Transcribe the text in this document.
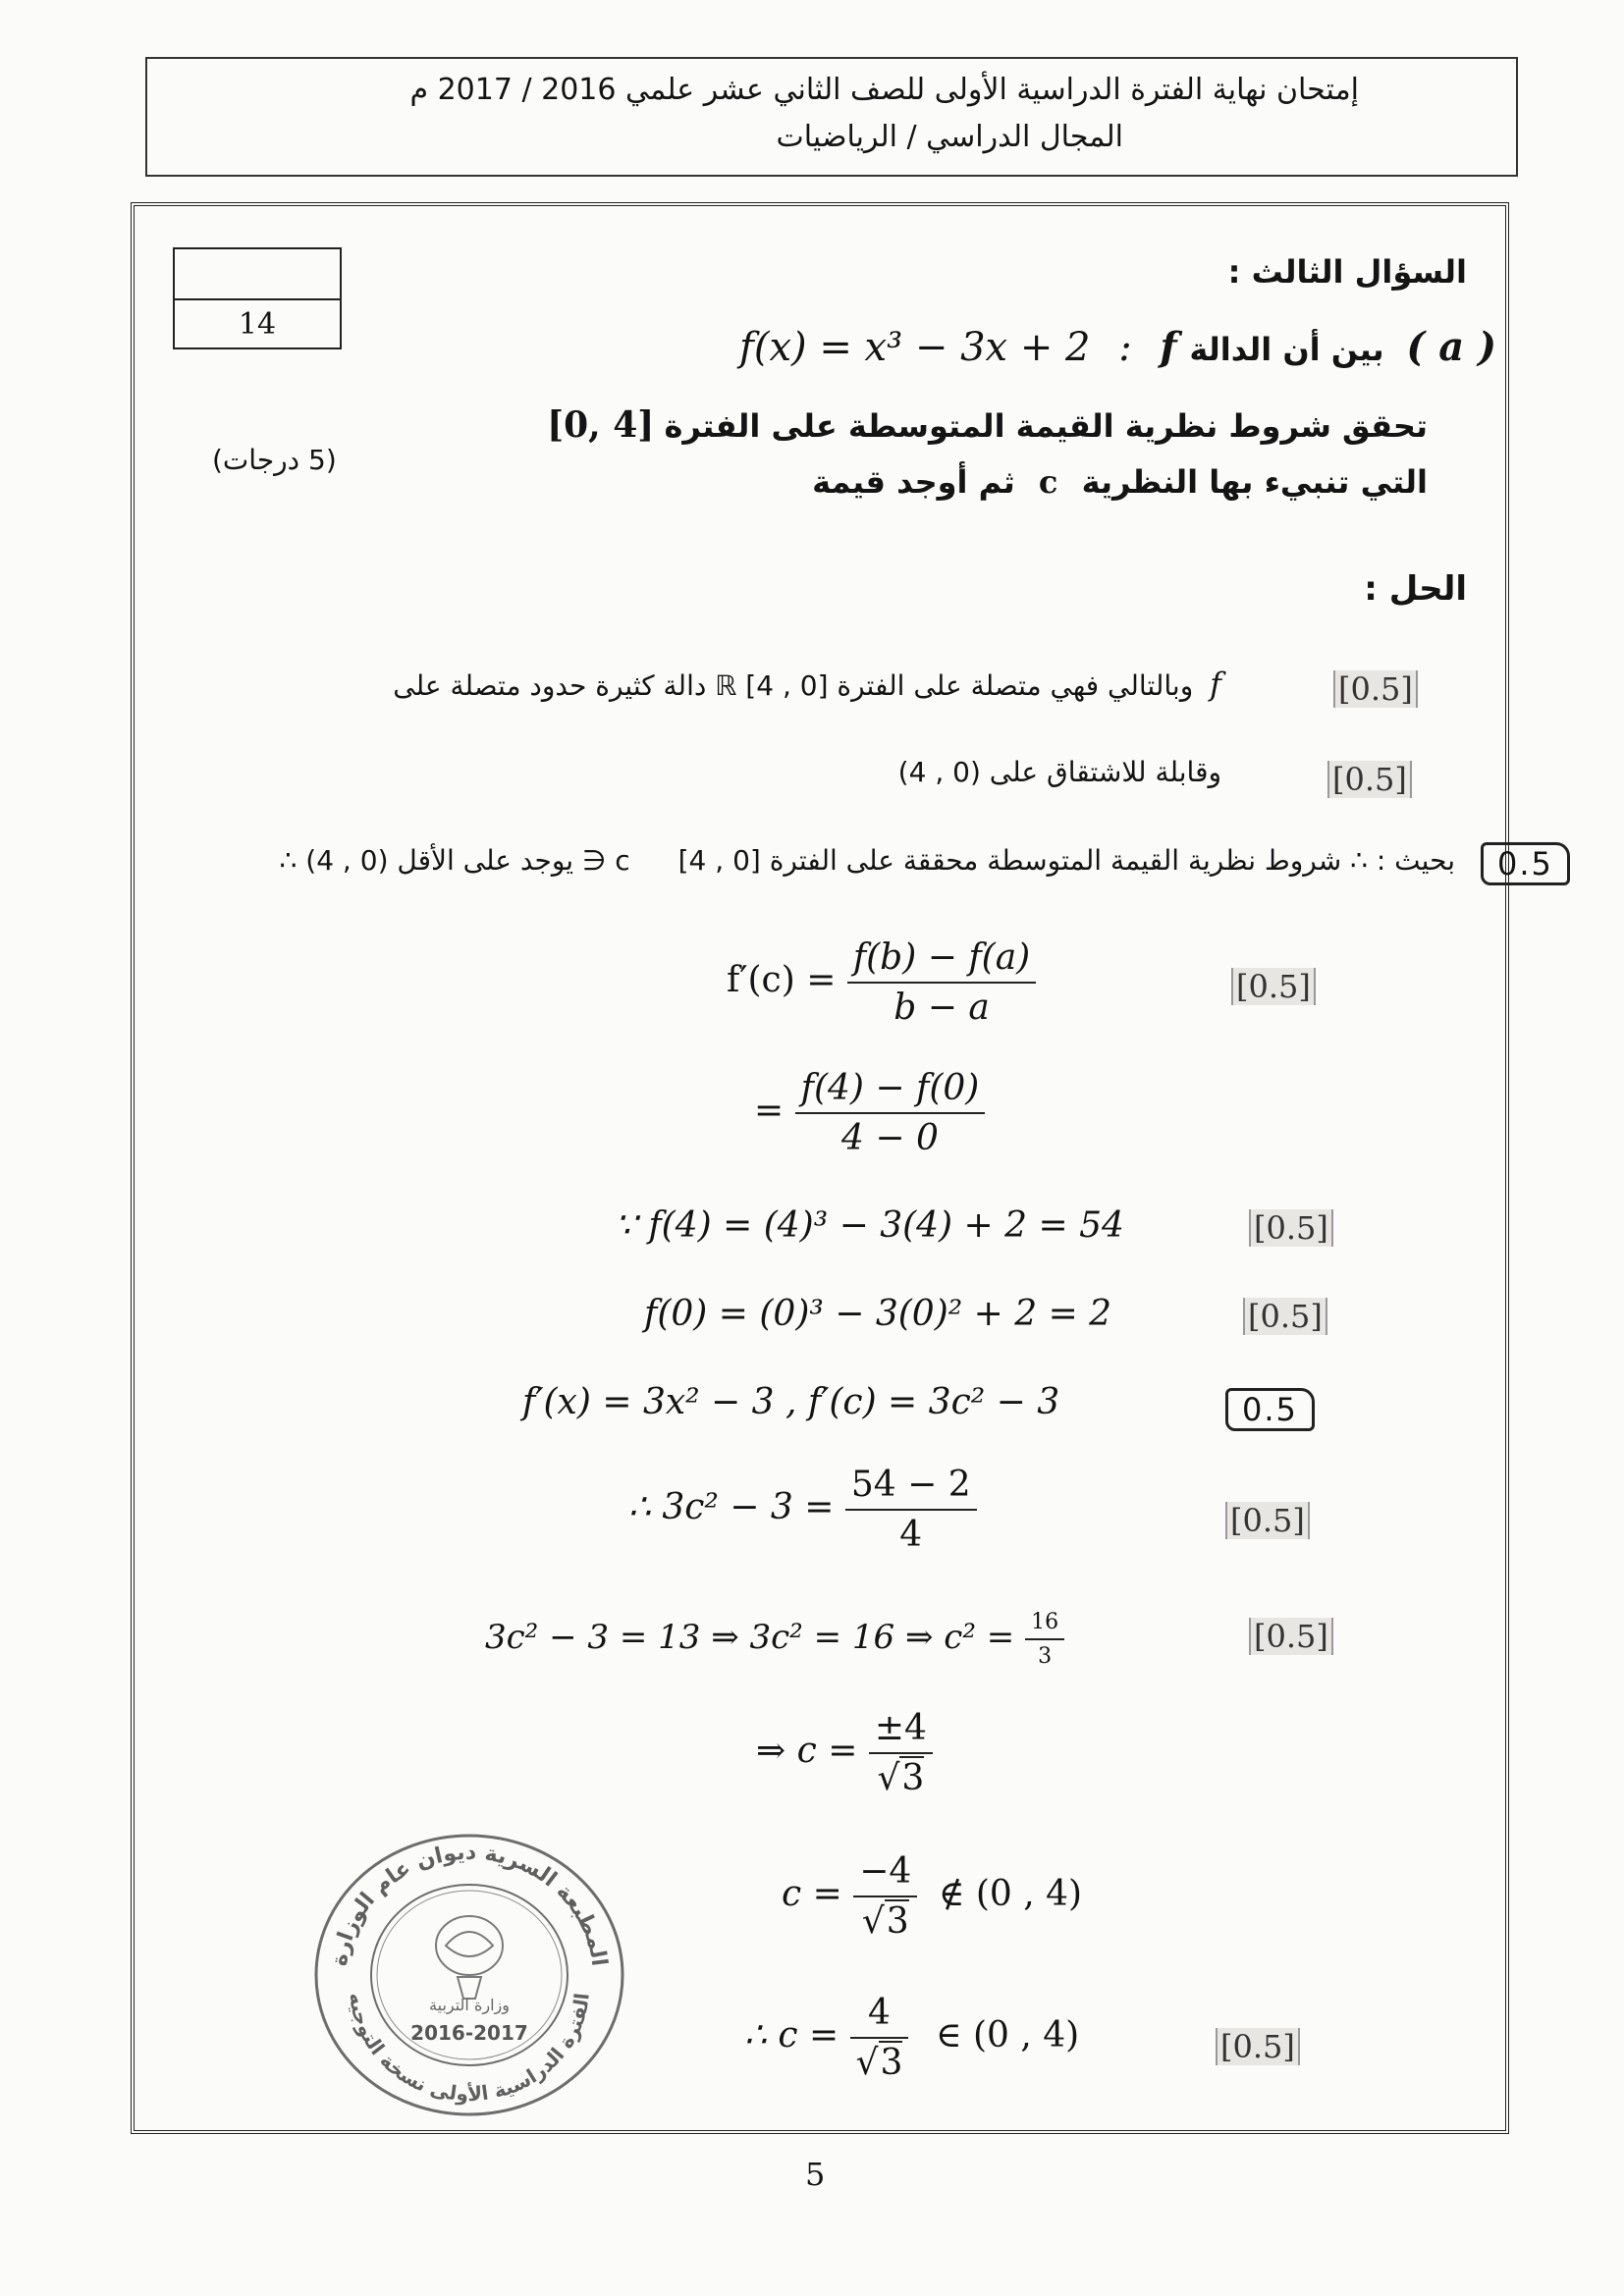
إمتحان نهاية الفترة الدراسية الأولى للصف الثاني عشر علمي 2016 / 2017 م
المجال الدراسي / الرياضيات
14
السؤال الثالث :
f(x) = x³ − 3x + 2 : f بين أن الدالة ( a )
[0, 4] تحقق شروط نظرية القيمة المتوسطة على الفترة
التي تنبيء بها النظرية c ثم أوجد قيمة
(5 درجات)
الحل :
دالة كثيرة حدود متصلة على ℝ وبالتالي فهي متصلة على الفترة [0 , 4] f	[0.5]
وقابلة للاشتقاق على (0 , 4)	[0.5]
∴ يوجد على الأقل (0 , 4) ∋ c بحيث : ∴ شروط نظرية القيمة المتوسطة محققة على الفترة [0 , 4]	0.5
$f'(c) = \frac{f(b) - f(a)}{b - a}$	[0.5]
= $\frac{f(4) - f(0)}{4 - 0}$
∵ f(4) = (4)³ − 3(4) + 2 = 54	[0.5]
f(0) = (0)³ − 3(0)² + 2 = 2	[0.5]
f′(x) = 3x² − 3 , f′(c) = 3c² − 3	0.5
∴ $3c^2 - 3 = \frac{54 - 2}{4}$	[0.5]
3c² − 3 = 13 ⇒ 3c² = 16 ⇒ $c^2 = \frac{16}{3}$	[0.5]
⇒ $c = \frac{\pm 4}{√3}$
$c = \frac{-4}{√3}$ ∉ (0 , 4)
∴ $c = \frac{4}{√3}$ ∈ (0 , 4)	[0.5]
المطبعة السرية ديوان عام الوزارة
الفترة الدراسية الأولى نسخة التوجيه
وزارة التربية
2016-2017
5
